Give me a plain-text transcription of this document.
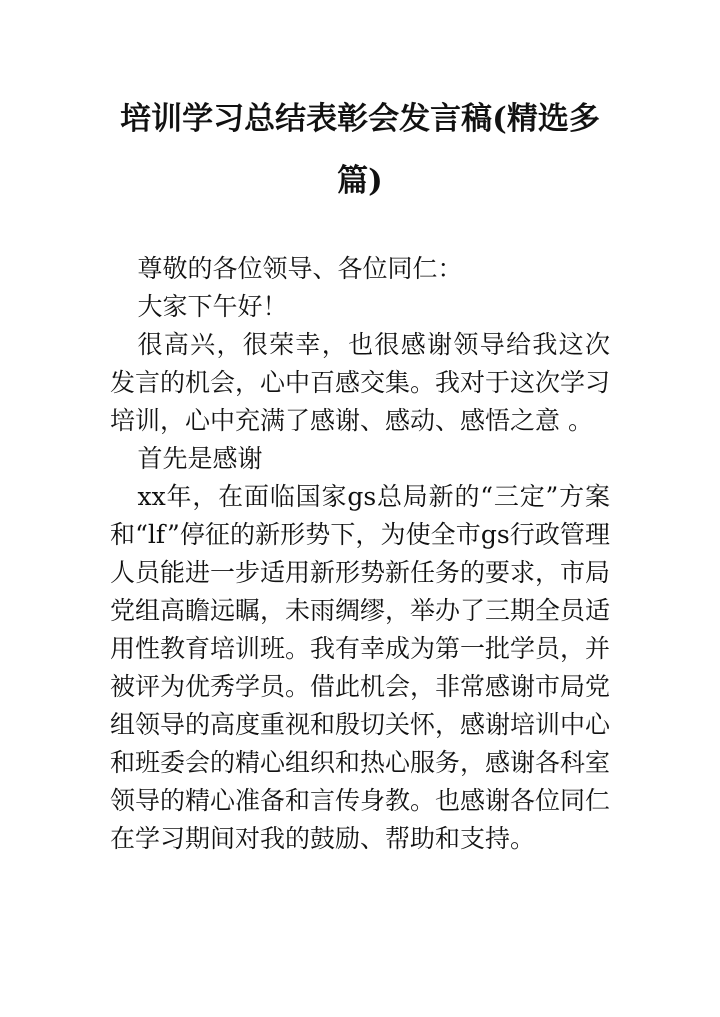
培训学习总结表彰会发言稿(精选多篇)

尊敬的各位领导、各位同仁：

大家下午好！

很高兴，很荣幸，也很感谢领导给我这次发言的机会，心中百感交集。我对于这次学习培训，心中充满了感谢、感动、感悟之意 。

首先是感谢

xx年，在面临国家gs总局新的“三定”方案和“lf”停征的新形势下，为使全市gs行政管理人员能进一步适用新形势新任务的要求，市局党组高瞻远瞩，未雨绸缪，举办了三期全员适用性教育培训班。我有幸成为第一批学员，并被评为优秀学员。借此机会，非常感谢市局党组领导的高度重视和殷切关怀，感谢培训中心和班委会的精心组织和热心服务，感谢各科室领导的精心准备和言传身教。也感谢各位同仁在学习期间对我的鼓励、帮助和支持。
